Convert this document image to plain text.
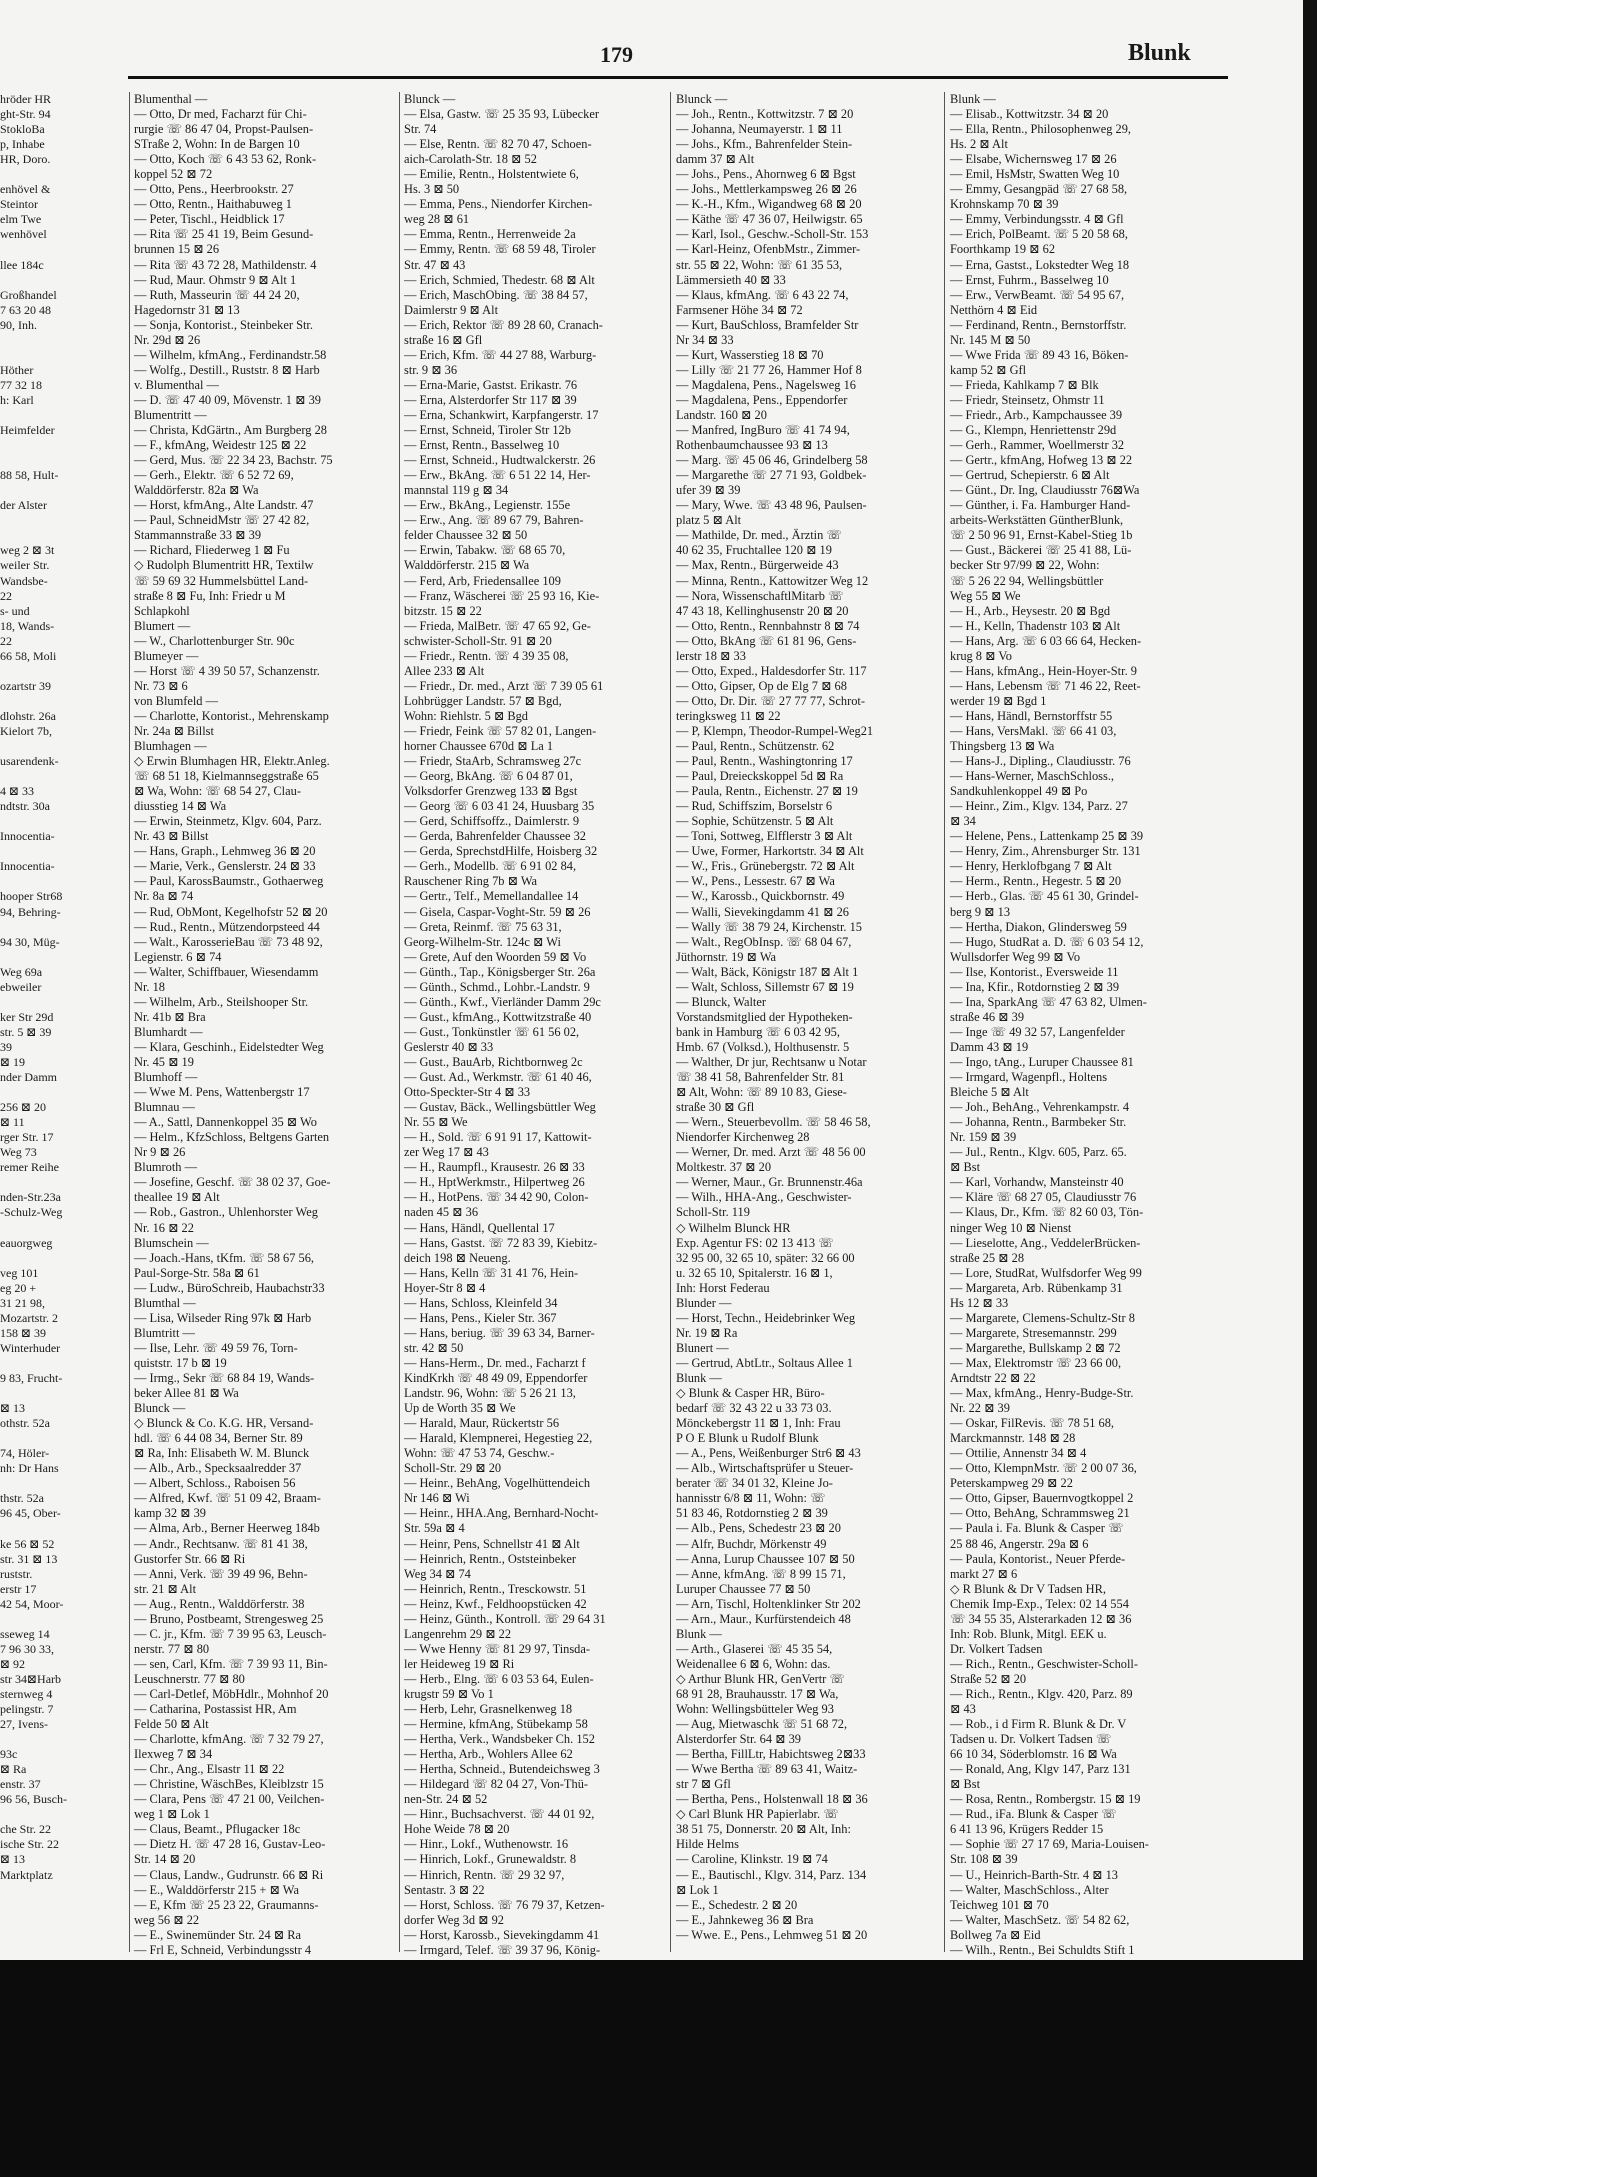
179	Blunk
hröder HR
ght-Str. 94
StokloBa
p, Inhabe
HR, Doro.

enhövel &
Steintor
elm Twe
wenhövel

llee 184c

Großhandel
7 63 20 48
90, Inh.

Höther
77 32 18
h: Karl

Heimfelder

88 58, Hult-

der Alster

weg 2 ⊠ 3t
weiler Str.
Wandsbe-
22
s- und
18, Wands-
22
66 58, Moli

ozartstr 39

dlohstr. 26a
Kielort 7b,

usarendenk-

4 ⊠ 33
ndtstr. 30a

Innocentia-

Innocentia-

hooper Str68
94, Behring-

94 30, Müg-

Weg 69a
ebweiler

ker Str 29d
str. 5 ⊠ 39
39
⊠ 19
nder Damm

256 ⊠ 20
⊠ 11
rger Str. 17
Weg 73
remer Reihe

nden-Str.23a
-Schulz-Weg

eauorgweg

veg 101
eg 20 +
31 21 98,
Mozartstr. 2
158 ⊠ 39
Winterhuder

9 83, Frucht-

⊠ 13
othstr. 52a

74, Höler-
nh: Dr Hans

thstr. 52a
96 45, Ober-

ke 56 ⊠ 52
str. 31 ⊠ 13
ruststr.
erstr 17
42 54, Moor-

sseweg 14
7 96 30 33,
⊠ 92
str 34⊠Harb
sternweg 4
pelingstr. 7
27, Ivens-

93c
⊠ Ra
enstr. 37
96 56, Busch-

che Str. 22
ische Str. 22
⊠ 13
Marktplatz
Blumenthal —
— Otto, Dr med, Facharzt für Chi-
rurgie ☏ 86 47 04, Propst-Paulsen-
STraße 2, Wohn: In de Bargen 10
— Otto, Koch ☏ 6 43 53 62, Ronk-
koppel 52 ⊠ 72
— Otto, Pens., Heerbrookstr. 27
— Otto, Rentn., Haithabuweg 1
— Peter, Tischl., Heidblick 17
— Rita ☏ 25 41 19, Beim Gesund-
brunnen 15 ⊠ 26
— Rita ☏ 43 72 28, Mathildenstr. 4
— Rud, Maur. Ohmstr 9 ⊠ Alt 1
— Ruth, Masseurin ☏ 44 24 20,
Hagedornstr 31 ⊠ 13
— Sonja, Kontorist., Steinbeker Str.
Nr. 29d ⊠ 26
— Wilhelm, kfmAng., Ferdinandstr.58
— Wolfg., Destill., Ruststr. 8 ⊠ Harb
v. Blumenthal —
— D. ☏ 47 40 09, Mövenstr. 1 ⊠ 39
Blumentritt —
— Christa, KdGärtn., Am Burgberg 28
— F., kfmAng, Weidestr 125 ⊠ 22
— Gerd, Mus. ☏ 22 34 23, Bachstr. 75
— Gerh., Elektr. ☏ 6 52 72 69,
Walddörferstr. 82a ⊠ Wa
— Horst, kfmAng., Alte Landstr. 47
— Paul, SchneidMstr ☏ 27 42 82,
Stammannstraße 33 ⊠ 39
— Richard, Fliederweg 1 ⊠ Fu
◇ Rudolph Blumentritt HR, Textilw
☏ 59 69 32 Hummelsbüttel Land-
straße 8 ⊠ Fu, Inh: Friedr u M
Schlapkohl
Blumert —
— W., Charlottenburger Str. 90c
Blumeyer —
— Horst ☏ 4 39 50 57, Schanzenstr.
Nr. 73 ⊠ 6
von Blumfeld —
— Charlotte, Kontorist., Mehrenskamp
Nr. 24a ⊠ Billst
Blumhagen —
◇ Erwin Blumhagen HR, Elektr.Anleg.
☏ 68 51 18, Kielmannseggstraße 65
⊠ Wa, Wohn: ☏ 68 54 27, Clau-
diusstieg 14 ⊠ Wa
— Erwin, Steinmetz, Klgv. 604, Parz.
Nr. 43 ⊠ Billst
— Hans, Graph., Lehmweg 36 ⊠ 20
— Marie, Verk., Genslerstr. 24 ⊠ 33
— Paul, KarossBaumstr., Gothaerweg
Nr. 8a ⊠ 74
— Rud, ObMont, Kegelhofstr 52 ⊠ 20
— Rud., Rentn., Mützendorpsteed 44
— Walt., KarosserieBau ☏ 73 48 92,
Legienstr. 6 ⊠ 74
— Walter, Schiffbauer, Wiesendamm
Nr. 18
— Wilhelm, Arb., Steilshooper Str.
Nr. 41b ⊠ Bra
Blumhardt —
— Klara, Geschinh., Eidelstedter Weg
Nr. 45 ⊠ 19
Blumhoff —
— Wwe M. Pens, Wattenbergstr 17
Blumnau —
— A., Sattl, Dannenkoppel 35 ⊠ Wo
— Helm., KfzSchloss, Beltgens Garten
Nr 9 ⊠ 26
Blumroth —
— Josefine, Geschf. ☏ 38 02 37, Goe-
theallee 19 ⊠ Alt
— Rob., Gastron., Uhlenhorster Weg
Nr. 16 ⊠ 22
Blumschein —
— Joach.-Hans, tKfm. ☏ 58 67 56,
Paul-Sorge-Str. 58a ⊠ 61
— Ludw., BüroSchreib, Haubachstr33
Blumthal —
— Lisa, Wilseder Ring 97k ⊠ Harb
Blumtritt —
— Ilse, Lehr. ☏ 49 59 76, Torn-
quiststr. 17 b ⊠ 19
— Irmg., Sekr ☏ 68 84 19, Wands-
beker Allee 81 ⊠ Wa
Blunck —
◇ Blunck & Co. K.G. HR, Versand-
hdl. ☏ 6 44 08 34, Berner Str. 89
⊠ Ra, Inh: Elisabeth W. M. Blunck
— Alb., Arb., Specksaalredder 37
— Albert, Schloss., Raboisen 56
— Alfred, Kwf. ☏ 51 09 42, Braam-
kamp 32 ⊠ 39
— Alma, Arb., Berner Heerweg 184b
— Andr., Rechtsanw. ☏ 81 41 38,
Gustorfer Str. 66 ⊠ Ri
— Anni, Verk. ☏ 39 49 96, Behn-
str. 21 ⊠ Alt
— Aug., Rentn., Walddörferstr. 38
— Bruno, Postbeamt, Strengesweg 25
— C. jr., Kfm. ☏ 7 39 95 63, Leusch-
nerstr. 77 ⊠ 80
— sen, Carl, Kfm. ☏ 7 39 93 11, Bin-
Leuschnerstr. 77 ⊠ 80
— Carl-Detlef, MöbHdlr., Mohnhof 20
— Catharina, Postassist HR, Am
Felde 50 ⊠ Alt
— Charlotte, kfmAng. ☏ 7 32 79 27,
Ilexweg 7 ⊠ 34
— Chr., Ang., Elsastr 11 ⊠ 22
— Christine, WäschBes, Kleiblzstr 15
— Clara, Pens ☏ 47 21 00, Veilchen-
weg 1 ⊠ Lok 1
— Claus, Beamt., Pflugacker 18c
— Dietz H. ☏ 47 28 16, Gustav-Leo-
Str. 14 ⊠ 20
— Claus, Landw., Gudrunstr. 66 ⊠ Ri
— E., Walddörferstr 215 + ⊠ Wa
— E, Kfm ☏ 25 23 22, Graumanns-
weg 56 ⊠ 22
— E., Swinemünder Str. 24 ⊠ Ra
— Frl E, Schneid, Verbindungsstr 4
Blunck —
— Elsa, Gastw. ☏ 25 35 93, Lübecker
Str. 74
— Else, Rentn. ☏ 82 70 47, Schoen-
aich-Carolath-Str. 18 ⊠ 52
— Emilie, Rentn., Holstentwiete 6,
Hs. 3 ⊠ 50
— Emma, Pens., Niendorfer Kirchen-
weg 28 ⊠ 61
— Emma, Rentn., Herrenweide 2a
— Emmy, Rentn. ☏ 68 59 48, Tiroler
Str. 47 ⊠ 43
— Erich, Schmied, Thedestr. 68 ⊠ Alt
— Erich, MaschObing. ☏ 38 84 57,
Daimlerstr 9 ⊠ Alt
— Erich, Rektor ☏ 89 28 60, Cranach-
straße 16 ⊠ Gfl
— Erich, Kfm. ☏ 44 27 88, Warburg-
str. 9 ⊠ 36
— Erna-Marie, Gastst. Erikastr. 76
— Erna, Alsterdorfer Str 117 ⊠ 39
— Erna, Schankwirt, Karpfangerstr. 17
— Ernst, Schneid, Tiroler Str 12b
— Ernst, Rentn., Basselweg 10
— Ernst, Schneid., Hudtwalckerstr. 26
— Erw., BkAng. ☏ 6 51 22 14, Her-
mannstal 119 g ⊠ 34
— Erw., BkAng., Legienstr. 155e
— Erw., Ang. ☏ 89 67 79, Bahren-
felder Chaussee 32 ⊠ 50
— Erwin, Tabakw. ☏ 68 65 70,
Walddörferstr. 215 ⊠ Wa
— Ferd, Arb, Friedensallee 109
— Franz, Wäscherei ☏ 25 93 16, Kie-
bitzstr. 15 ⊠ 22
— Frieda, MalBetr. ☏ 47 65 92, Ge-
schwister-Scholl-Str. 91 ⊠ 20
— Friedr., Rentn. ☏ 4 39 35 08,
Allee 233 ⊠ Alt
— Friedr., Dr. med., Arzt ☏ 7 39 05 61
Lohbrügger Landstr. 57 ⊠ Bgd,
Wohn: Riehlstr. 5 ⊠ Bgd
— Friedr, Feink ☏ 57 82 01, Langen-
horner Chaussee 670d ⊠ La 1
— Friedr, StaArb, Schramsweg 27c
— Georg, BkAng. ☏ 6 04 87 01,
Volksdorfer Grenzweg 133 ⊠ Bgst
— Georg ☏ 6 03 41 24, Huusbarg 35
— Gerd, Schiffsoffz., Daimlerstr. 9
— Gerda, Bahrenfelder Chaussee 32
— Gerda, SprechstdHilfe, Hoisberg 32
— Gerh., Modellb. ☏ 6 91 02 84,
Rauschener Ring 7b ⊠ Wa
— Gertr., Telf., Memellandallee 14
— Gisela, Caspar-Voght-Str. 59 ⊠ 26
— Greta, Reinmf. ☏ 75 63 31,
Georg-Wilhelm-Str. 124c ⊠ Wi
— Grete, Auf den Woorden 59 ⊠ Vo
— Günth., Tap., Königsberger Str. 26a
— Günth., Schmd., Lohbr.-Landstr. 9
— Günth., Kwf., Vierländer Damm 29c
— Gust., kfmAng., Kottwitzstraße 40
— Gust., Tonkünstler ☏ 61 56 02,
Geslerstr 40 ⊠ 33
— Gust., BauArb, Richtbornweg 2c
— Gust. Ad., Werkmstr. ☏ 61 40 46,
Otto-Speckter-Str 4 ⊠ 33
— Gustav, Bäck., Wellingsbüttler Weg
Nr. 55 ⊠ We
— H., Sold. ☏ 6 91 91 17, Kattowit-
zer Weg 17 ⊠ 43
— H., Raumpfl., Krausestr. 26 ⊠ 33
— H., HptWerkmstr., Hilpertweg 26
— H., HotPens. ☏ 34 42 90, Colon-
naden 45 ⊠ 36
— Hans, Händl, Quellental 17
— Hans, Gastst. ☏ 72 83 39, Kiebitz-
deich 198 ⊠ Neueng.
— Hans, Kelln ☏ 31 41 76, Hein-
Hoyer-Str 8 ⊠ 4
— Hans, Schloss, Kleinfeld 34
— Hans, Pens., Kieler Str. 367
— Hans, beriug. ☏ 39 63 34, Barner-
str. 42 ⊠ 50
— Hans-Herm., Dr. med., Facharzt f
KindKrkh ☏ 48 49 09, Eppendorfer
Landstr. 96, Wohn: ☏ 5 26 21 13,
Up de Worth 35 ⊠ We
— Harald, Maur, Rückertstr 56
— Harald, Klempnerei, Hegestieg 22,
Wohn: ☏ 47 53 74, Geschw.-
Scholl-Str. 29 ⊠ 20
— Heinr., BehAng, Vogelhüttendeich
Nr 146 ⊠ Wi
— Heinr., HHA.Ang, Bernhard-Nocht-
Str. 59a ⊠ 4
— Heinr, Pens, Schnellstr 41 ⊠ Alt
— Heinrich, Rentn., Oststeinbeker
Weg 34 ⊠ 74
— Heinrich, Rentn., Tresckowstr. 51
— Heinz, Kwf., Feldhoopstücken 42
— Heinz, Günth., Kontroll. ☏ 29 64 31
Langenrehm 29 ⊠ 22
— Wwe Henny ☏ 81 29 97, Tinsda-
ler Heideweg 19 ⊠ Ri
— Herb., Elng. ☏ 6 03 53 64, Eulen-
krugstr 59 ⊠ Vo 1
— Herb, Lehr, Grasnelkenweg 18
— Hermine, kfmAng, Stübekamp 58
— Hertha, Verk., Wandsbeker Ch. 152
— Hertha, Arb., Wohlers Allee 62
— Hertha, Schneid., Butendeichsweg 3
— Hildegard ☏ 82 04 27, Von-Thü-
nen-Str. 24 ⊠ 52
— Hinr., Buchsachverst. ☏ 44 01 92,
Hohe Weide 78 ⊠ 20
— Hinr., Lokf., Wuthenowstr. 16
— Hinrich, Lokf., Grunewaldstr. 8
— Hinrich, Rentn. ☏ 29 32 97,
Sentastr. 3 ⊠ 22
— Horst, Schloss. ☏ 76 79 37, Ketzen-
dorfer Weg 3d ⊠ 92
— Horst, Karossb., Sievekingdamm 41
— Irmgard, Telef. ☏ 39 37 96, König-
Blunck —
— Joh., Rentn., Kottwitzstr. 7 ⊠ 20
— Johanna, Neumayerstr. 1 ⊠ 11
— Johs., Kfm., Bahrenfelder Stein-
damm 37 ⊠ Alt
— Johs., Pens., Ahornweg 6 ⊠ Bgst
— Johs., Mettlerkampsweg 26 ⊠ 26
— K.-H., Kfm., Wigandweg 68 ⊠ 20
— Käthe ☏ 47 36 07, Heilwigstr. 65
— Karl, Isol., Geschw.-Scholl-Str. 153
— Karl-Heinz, OfenbMstr., Zimmer-
str. 55 ⊠ 22, Wohn: ☏ 61 35 53,
Lämmersieth 40 ⊠ 33
— Klaus, kfmAng. ☏ 6 43 22 74,
Farmsener Höhe 34 ⊠ 72
— Kurt, BauSchloss, Bramfelder Str
Nr 34 ⊠ 33
— Kurt, Wasserstieg 18 ⊠ 70
— Lilly ☏ 21 77 26, Hammer Hof 8
— Magdalena, Pens., Nagelsweg 16
— Magdalena, Pens., Eppendorfer
Landstr. 160 ⊠ 20
— Manfred, IngBuro ☏ 41 74 94,
Rothenbaumchaussee 93 ⊠ 13
— Marg. ☏ 45 06 46, Grindelberg 58
— Margarethe ☏ 27 71 93, Goldbek-
ufer 39 ⊠ 39
— Mary, Wwe. ☏ 43 48 96, Paulsen-
platz 5 ⊠ Alt
— Mathilde, Dr. med., Ärztin ☏
40 62 35, Fruchtallee 120 ⊠ 19
— Max, Rentn., Bürgerweide 43
— Minna, Rentn., Kattowitzer Weg 12
— Nora, WissenschaftlMitarb ☏
47 43 18, Kellinghusenstr 20 ⊠ 20
— Otto, Rentn., Rennbahnstr 8 ⊠ 74
— Otto, BkAng ☏ 61 81 96, Gens-
lerstr 18 ⊠ 33
— Otto, Exped., Haldesdorfer Str. 117
— Otto, Gipser, Op de Elg 7 ⊠ 68
— Otto, Dr. Dir. ☏ 27 77 77, Schrot-
teringksweg 11 ⊠ 22
— P, Klempn, Theodor-Rumpel-Weg21
— Paul, Rentn., Schützenstr. 62
— Paul, Rentn., Washingtonring 17
— Paul, Dreieckskoppel 5d ⊠ Ra
— Paula, Rentn., Eichenstr. 27 ⊠ 19
— Rud, Schiffszim, Borselstr 6
— Sophie, Schützenstr. 5 ⊠ Alt
— Toni, Sottweg, Elfflerstr 3 ⊠ Alt
— Uwe, Former, Harkortstr. 34 ⊠ Alt
— W., Fris., Grünebergstr. 72 ⊠ Alt
— W., Pens., Lessestr. 67 ⊠ Wa
— W., Karossb., Quickbornstr. 49
— Walli, Sievekingdamm 41 ⊠ 26
— Wally ☏ 38 79 24, Kirchenstr. 15
— Walt., RegObInsp. ☏ 68 04 67,
Jüthornstr. 19 ⊠ Wa
— Walt, Bäck, Königstr 187 ⊠ Alt 1
— Walt, Schloss, Sillemstr 67 ⊠ 19
— Blunck, Walter
Vorstandsmitglied der Hypotheken-
bank in Hamburg ☏ 6 03 42 95,
Hmb. 67 (Volksd.), Holthusenstr. 5
— Walther, Dr jur, Rechtsanw u Notar
☏ 38 41 58, Bahrenfelder Str. 81
⊠ Alt, Wohn: ☏ 89 10 83, Giese-
straße 30 ⊠ Gfl
— Wern., Steuerbevollm. ☏ 58 46 58,
Niendorfer Kirchenweg 28
— Werner, Dr. med. Arzt ☏ 48 56 00
Moltkestr. 37 ⊠ 20
— Werner, Maur., Gr. Brunnenstr.46a
— Wilh., HHA-Ang., Geschwister-
Scholl-Str. 119
◇ Wilhelm Blunck HR
Exp. Agentur FS: 02 13 413 ☏
32 95 00, 32 65 10, später: 32 66 00
u. 32 65 10, Spitalerstr. 16 ⊠ 1,
Inh: Horst Federau
Blunder —
— Horst, Techn., Heidebrinker Weg
Nr. 19 ⊠ Ra
Blunert —
— Gertrud, AbtLtr., Soltaus Allee 1
Blunk —
◇ Blunk & Casper HR, Büro-
bedarf ☏ 32 43 22 u 33 73 03.
Mönckebergstr 11 ⊠ 1, Inh: Frau
P O E Blunk u Rudolf Blunk
— A., Pens, Weißenburger Str6 ⊠ 43
— Alb., Wirtschaftsprüfer u Steuer-
berater ☏ 34 01 32, Kleine Jo-
hannisstr 6/8 ⊠ 11, Wohn: ☏
51 83 46, Rotdornstieg 2 ⊠ 39
— Alb., Pens, Schedestr 23 ⊠ 20
— Alfr, Buchdr, Mörkenstr 49
— Anna, Lurup Chaussee 107 ⊠ 50
— Anne, kfmAng. ☏ 8 99 15 71,
Luruper Chaussee 77 ⊠ 50
— Arn, Tischl, Holtenklinker Str 202
— Arn., Maur., Kurfürstendeich 48
Blunk —
— Arth., Glaserei ☏ 45 35 54,
Weidenallee 6 ⊠ 6, Wohn: das.
◇ Arthur Blunk HR, GenVertr ☏
68 91 28, Brauhausstr. 17 ⊠ Wa,
Wohn: Wellingsbütteler Weg 93
— Aug, Mietwaschk ☏ 51 68 72,
Alsterdorfer Str. 64 ⊠ 39
— Bertha, FillLtr, Habichtsweg 2⊠33
— Wwe Bertha ☏ 89 63 41, Waitz-
str 7 ⊠ Gfl
— Bertha, Pens., Holstenwall 18 ⊠ 36
◇ Carl Blunk HR Papierlabr. ☏
38 51 75, Donnerstr. 20 ⊠ Alt, Inh:
Hilde Helms
— Caroline, Klinkstr. 19 ⊠ 74
— E., Bautischl., Klgv. 314, Parz. 134
⊠ Lok 1
— E., Schedestr. 2 ⊠ 20
— E., Jahnkeweg 36 ⊠ Bra
— Wwe. E., Pens., Lehmweg 51 ⊠ 20
Blunk —
— Elisab., Kottwitzstr. 34 ⊠ 20
— Ella, Rentn., Philosophenweg 29,
Hs. 2 ⊠ Alt
— Elsabe, Wichernsweg 17 ⊠ 26
— Emil, HsMstr, Swatten Weg 10
— Emmy, Gesangpäd ☏ 27 68 58,
Krohnskamp 70 ⊠ 39
— Emmy, Verbindungsstr. 4 ⊠ Gfl
— Erich, PolBeamt. ☏ 5 20 58 68,
Foorthkamp 19 ⊠ 62
— Erna, Gastst., Lokstedter Weg 18
— Ernst, Fuhrm., Basselweg 10
— Erw., VerwBeamt. ☏ 54 95 67,
Netthörn 4 ⊠ Eid
— Ferdinand, Rentn., Bernstorffstr.
Nr. 145 M ⊠ 50
— Wwe Frida ☏ 89 43 16, Böken-
kamp 52 ⊠ Gfl
— Frieda, Kahlkamp 7 ⊠ Blk
— Friedr, Steinsetz, Ohmstr 11
— Friedr., Arb., Kampchaussee 39
— G., Klempn, Henriettenstr 29d
— Gerh., Rammer, Woellmerstr 32
— Gertr., kfmAng, Hofweg 13 ⊠ 22
— Gertrud, Schepierstr. 6 ⊠ Alt
— Günt., Dr. Ing, Claudiusstr 76⊠Wa
— Günther, i. Fa. Hamburger Hand-
arbeits-Werkstätten GüntherBlunk,
☏ 2 50 96 91, Ernst-Kabel-Stieg 1b
— Gust., Bäckerei ☏ 25 41 88, Lü-
becker Str 97/99 ⊠ 22, Wohn:
☏ 5 26 22 94, Wellingsbüttler
Weg 55 ⊠ We
— H., Arb., Heysestr. 20 ⊠ Bgd
— H., Kelln, Thadenstr 103 ⊠ Alt
— Hans, Arg. ☏ 6 03 66 64, Hecken-
krug 8 ⊠ Vo
— Hans, kfmAng., Hein-Hoyer-Str. 9
— Hans, Lebensm ☏ 71 46 22, Reet-
werder 19 ⊠ Bgd 1
— Hans, Händl, Bernstorffstr 55
— Hans, VersMakl. ☏ 66 41 03,
Thingsberg 13 ⊠ Wa
— Hans-J., Dipling., Claudiusstr. 76
— Hans-Werner, MaschSchloss.,
Sandkuhlenkoppel 49 ⊠ Po
— Heinr., Zim., Klgv. 134, Parz. 27
⊠ 34
— Helene, Pens., Lattenkamp 25 ⊠ 39
— Henry, Zim., Ahrensburger Str. 131
— Henry, Herklofbgang 7 ⊠ Alt
— Herm., Rentn., Hegestr. 5 ⊠ 20
— Herb., Glas. ☏ 45 61 30, Grindel-
berg 9 ⊠ 13
— Hertha, Diakon, Glindersweg 59
— Hugo, StudRat a. D. ☏ 6 03 54 12,
Wullsdorfer Weg 99 ⊠ Vo
— Ilse, Kontorist., Eversweide 11
— Ina, Kfir., Rotdornstieg 2 ⊠ 39
— Ina, SparkAng ☏ 47 63 82, Ulmen-
straße 46 ⊠ 39
— Inge ☏ 49 32 57, Langenfelder
Damm 43 ⊠ 19
— Ingo, tAng., Luruper Chaussee 81
— Irmgard, Wagenpfl., Holtens
Bleiche 5 ⊠ Alt
— Joh., BehAng., Vehrenkampstr. 4
— Johanna, Rentn., Barmbeker Str.
Nr. 159 ⊠ 39
— Jul., Rentn., Klgv. 605, Parz. 65.
⊠ Bst
— Karl, Vorhandw, Mansteinstr 40
— Kläre ☏ 68 27 05, Claudiusstr 76
— Klaus, Dr., Kfm. ☏ 82 60 03, Tön-
ninger Weg 10 ⊠ Nienst
— Lieselotte, Ang., VeddelerBrücken-
straße 25 ⊠ 28
— Lore, StudRat, Wulfsdorfer Weg 99
— Margareta, Arb. Rübenkamp 31
Hs 12 ⊠ 33
— Margarete, Clemens-Schultz-Str 8
— Margarete, Stresemannstr. 299
— Margarethe, Bullskamp 2 ⊠ 72
— Max, Elektromstr ☏ 23 66 00,
Arndtstr 22 ⊠ 22
— Max, kfmAng., Henry-Budge-Str.
Nr. 22 ⊠ 39
— Oskar, FilRevis. ☏ 78 51 68,
Marckmannstr. 148 ⊠ 28
— Ottilie, Annenstr 34 ⊠ 4
— Otto, KlempnMstr. ☏ 2 00 07 36,
Peterskampweg 29 ⊠ 22
— Otto, Gipser, Bauernvogtkoppel 2
— Otto, BehAng, Schrammsweg 21
— Paula i. Fa. Blunk & Casper ☏
25 88 46, Angerstr. 29a ⊠ 6
— Paula, Kontorist., Neuer Pferde-
markt 27 ⊠ 6
◇ R Blunk & Dr V Tadsen HR,
Chemik Imp-Exp., Telex: 02 14 554
☏ 34 55 35, Alsterarkaden 12 ⊠ 36
Inh: Rob. Blunk, Mitgl. EEK u.
Dr. Volkert Tadsen
— Rich., Rentn., Geschwister-Scholl-
Straße 52 ⊠ 20
— Rich., Rentn., Klgv. 420, Parz. 89
⊠ 43
— Rob., i d Firm R. Blunk & Dr. V
Tadsen u. Dr. Volkert Tadsen ☏
66 10 34, Söderblomstr. 16 ⊠ Wa
— Ronald, Ang, Klgv 147, Parz 131
⊠ Bst
— Rosa, Rentn., Rombergstr. 15 ⊠ 19
— Rud., iFa. Blunk & Casper ☏
6 41 13 96, Krügers Redder 15
— Sophie ☏ 27 17 69, Maria-Louisen-
Str. 108 ⊠ 39
— U., Heinrich-Barth-Str. 4 ⊠ 13
— Walter, MaschSchloss., Alter
Teichweg 101 ⊠ 70
— Walter, MaschSetz. ☏ 54 82 62,
Bollweg 7a ⊠ Eid
— Wilh., Rentn., Bei Schuldts Stift 1
